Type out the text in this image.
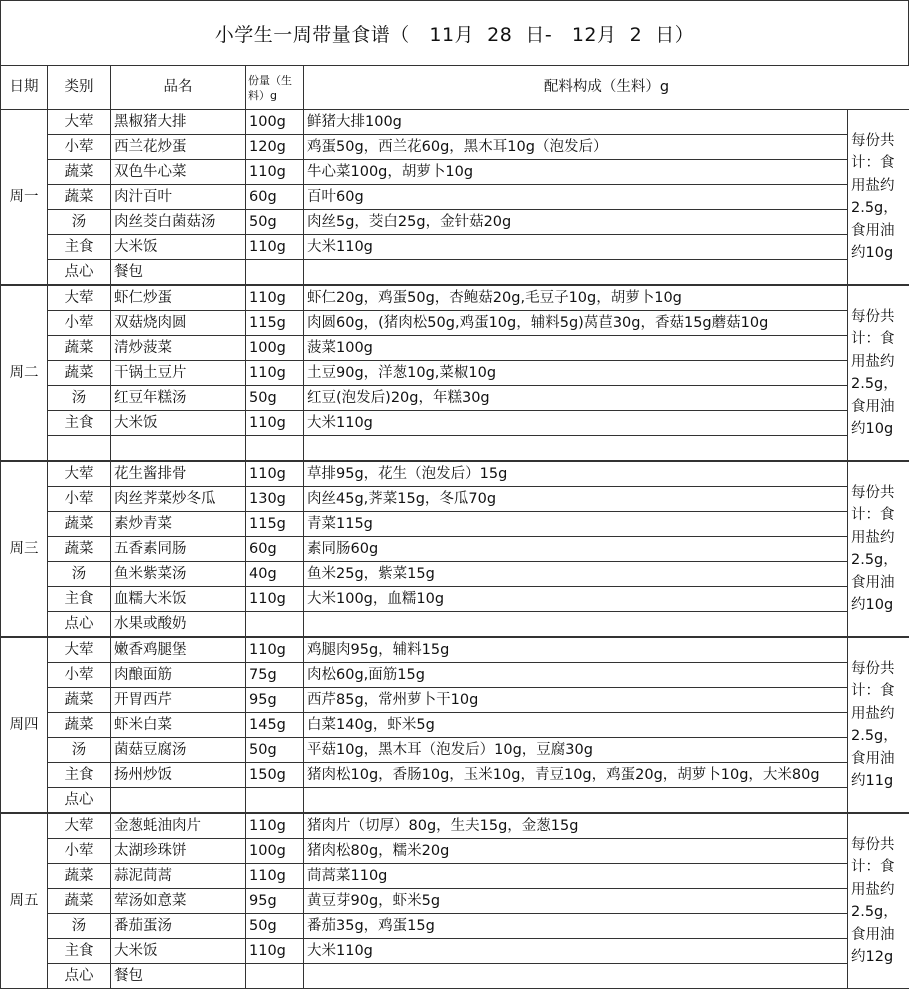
小学生一周带量食谱（   11月  28  日-   12月  2  日）
日期	类别	品名	份量（生料）g	配料构成（生料）g	
周一	大荤	黑椒猪大排	100g	鲜猪大排100g	每份共计：食用盐约2.5g，食用油约10g
	小荤	西兰花炒蛋	120g	鸡蛋50g，西兰花60g，黑木耳10g（泡发后）	
	蔬菜	双色牛心菜	110g	牛心菜100g，胡萝卜10g	
	蔬菜	肉汁百叶	60g	百叶60g	
	汤	肉丝茭白菌菇汤	50g	肉丝5g，茭白25g，金针菇20g	
	主食	大米饭	110g	大米110g	
	点心	餐包			
周二	大荤	虾仁炒蛋	110g	虾仁20g，鸡蛋50g，杏鲍菇20g,毛豆子10g，胡萝卜10g	每份共计：食用盐约2.5g，食用油约10g
	小荤	双菇烧肉圆	115g	肉圆60g，(猪肉松50g,鸡蛋10g，辅料5g)莴苣30g，香菇15g蘑菇10g	
	蔬菜	清炒菠菜	100g	菠菜100g	
	蔬菜	干锅土豆片	110g	土豆90g，洋葱10g,菜椒10g	
	汤	红豆年糕汤	50g	红豆(泡发后)20g，年糕30g	
	主食	大米饭	110g	大米110g	

周三	大荤	花生酱排骨	110g	草排95g，花生（泡发后）15g	每份共计：食用盐约2.5g，食用油约10g
	小荤	肉丝荠菜炒冬瓜	130g	肉丝45g,荠菜15g，冬瓜70g	
	蔬菜	素炒青菜	115g	青菜115g	
	蔬菜	五香素同肠	60g	素同肠60g	
	汤	鱼米紫菜汤	40g	鱼米25g，紫菜15g	
	主食	血糯大米饭	110g	大米100g，血糯10g	
	点心	水果或酸奶			
周四	大荤	嫩香鸡腿堡	110g	鸡腿肉95g，辅料15g	每份共计：食用盐约2.5g，食用油约11g
	小荤	肉酿面筋	75g	肉松60g,面筋15g	
	蔬菜	开胃西芹	95g	西芹85g，常州萝卜干10g	
	蔬菜	虾米白菜	145g	白菜140g，虾米5g	
	汤	菌菇豆腐汤	50g	平菇10g，黑木耳（泡发后）10g，豆腐30g	
	主食	扬州炒饭	150g	猪肉松10g，香肠10g，玉米10g，青豆10g，鸡蛋20g，胡萝卜10g，大米80g	
	点心				
周五	大荤	金葱蚝油肉片	110g	猪肉片（切厚）80g，生夫15g，金葱15g	每份共计：食用盐约2.5g，食用油约12g
	小荤	太湖珍珠饼	100g	猪肉松80g，糯米20g	
	蔬菜	蒜泥茼蒿	110g	茼蒿菜110g	
	蔬菜	荤汤如意菜	95g	黄豆芽90g，虾米5g	
	汤	番茄蛋汤	50g	番茄35g，鸡蛋15g	
	主食	大米饭	110g	大米110g	
	点心	餐包			
